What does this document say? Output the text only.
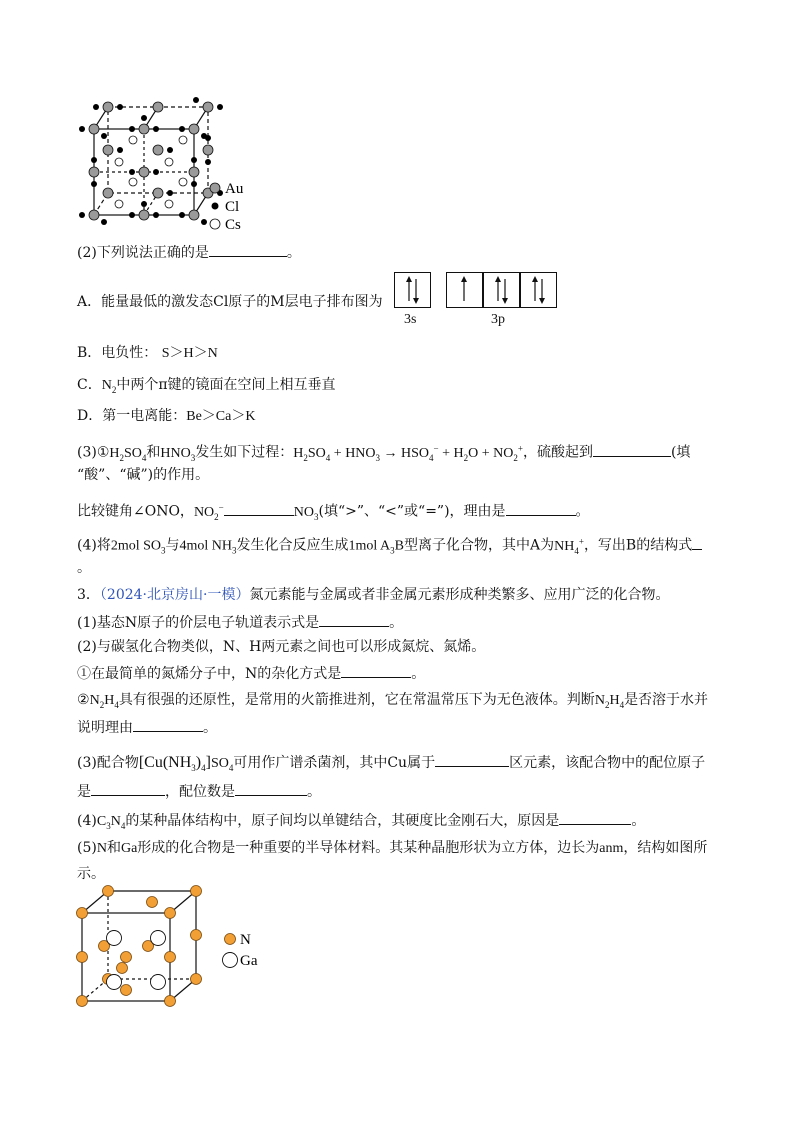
Au
Cl
Cs
(2)下列说法正确的是	。
A．能量最低的激发态Cl原子的M层电子排布图为
3s	3p
B．电负性： S＞H＞N
C．$N_2$中两个π键的镜面在空间上相互垂直
D．第一电离能：Be＞Ca＞K
$(3)①H_2SO_4$和$HNO_3$发生如下过程：$H_2SO_4 + HNO_3 \to HSO_4^- + H_2O + NO_2^+$，硫酸起到	(填
“酸”、“碱”)的作用。
比较键角∠ONO，$NO_2^-$	$NO_3$(填“>”、“<”或“=”)，理由是	。
(4)将2mol $SO_3$与4mol $NH_3$发生化合反应生成1mol $A_3B$型离子化合物，其中A为$NH_4^+$，写出B的结构式
。
3．（2024·北京房山·一模）氮元素能与金属或者非金属元素形成种类繁多、应用广泛的化合物。
(1)基态N原子的价层电子轨道表示式是	。
(2)与碳氢化合物类似，N、H两元素之间也可以形成氮烷、氮烯。
①在最简单的氮烯分子中，N的杂化方式是	。
$②N_2H_4$具有很强的还原性，是常用的火箭推进剂，它在常温常压下为无色液体。判断$N_2H_4$是否溶于水并
说明理由	。
(3)配合物$[Cu(NH_3)_4]SO_4$可用作广谱杀菌剂，其中Cu属于	区元素，该配合物中的配位原子
是	，配位数是	。
$(4)C_3N_4$的某种晶体结构中，原子间均以单键结合，其硬度比金刚石大，原因是	。
(5)N和Ga形成的化合物是一种重要的半导体材料。其某种晶胞形状为立方体，边长为anm，结构如图所
示。
N
Ga
